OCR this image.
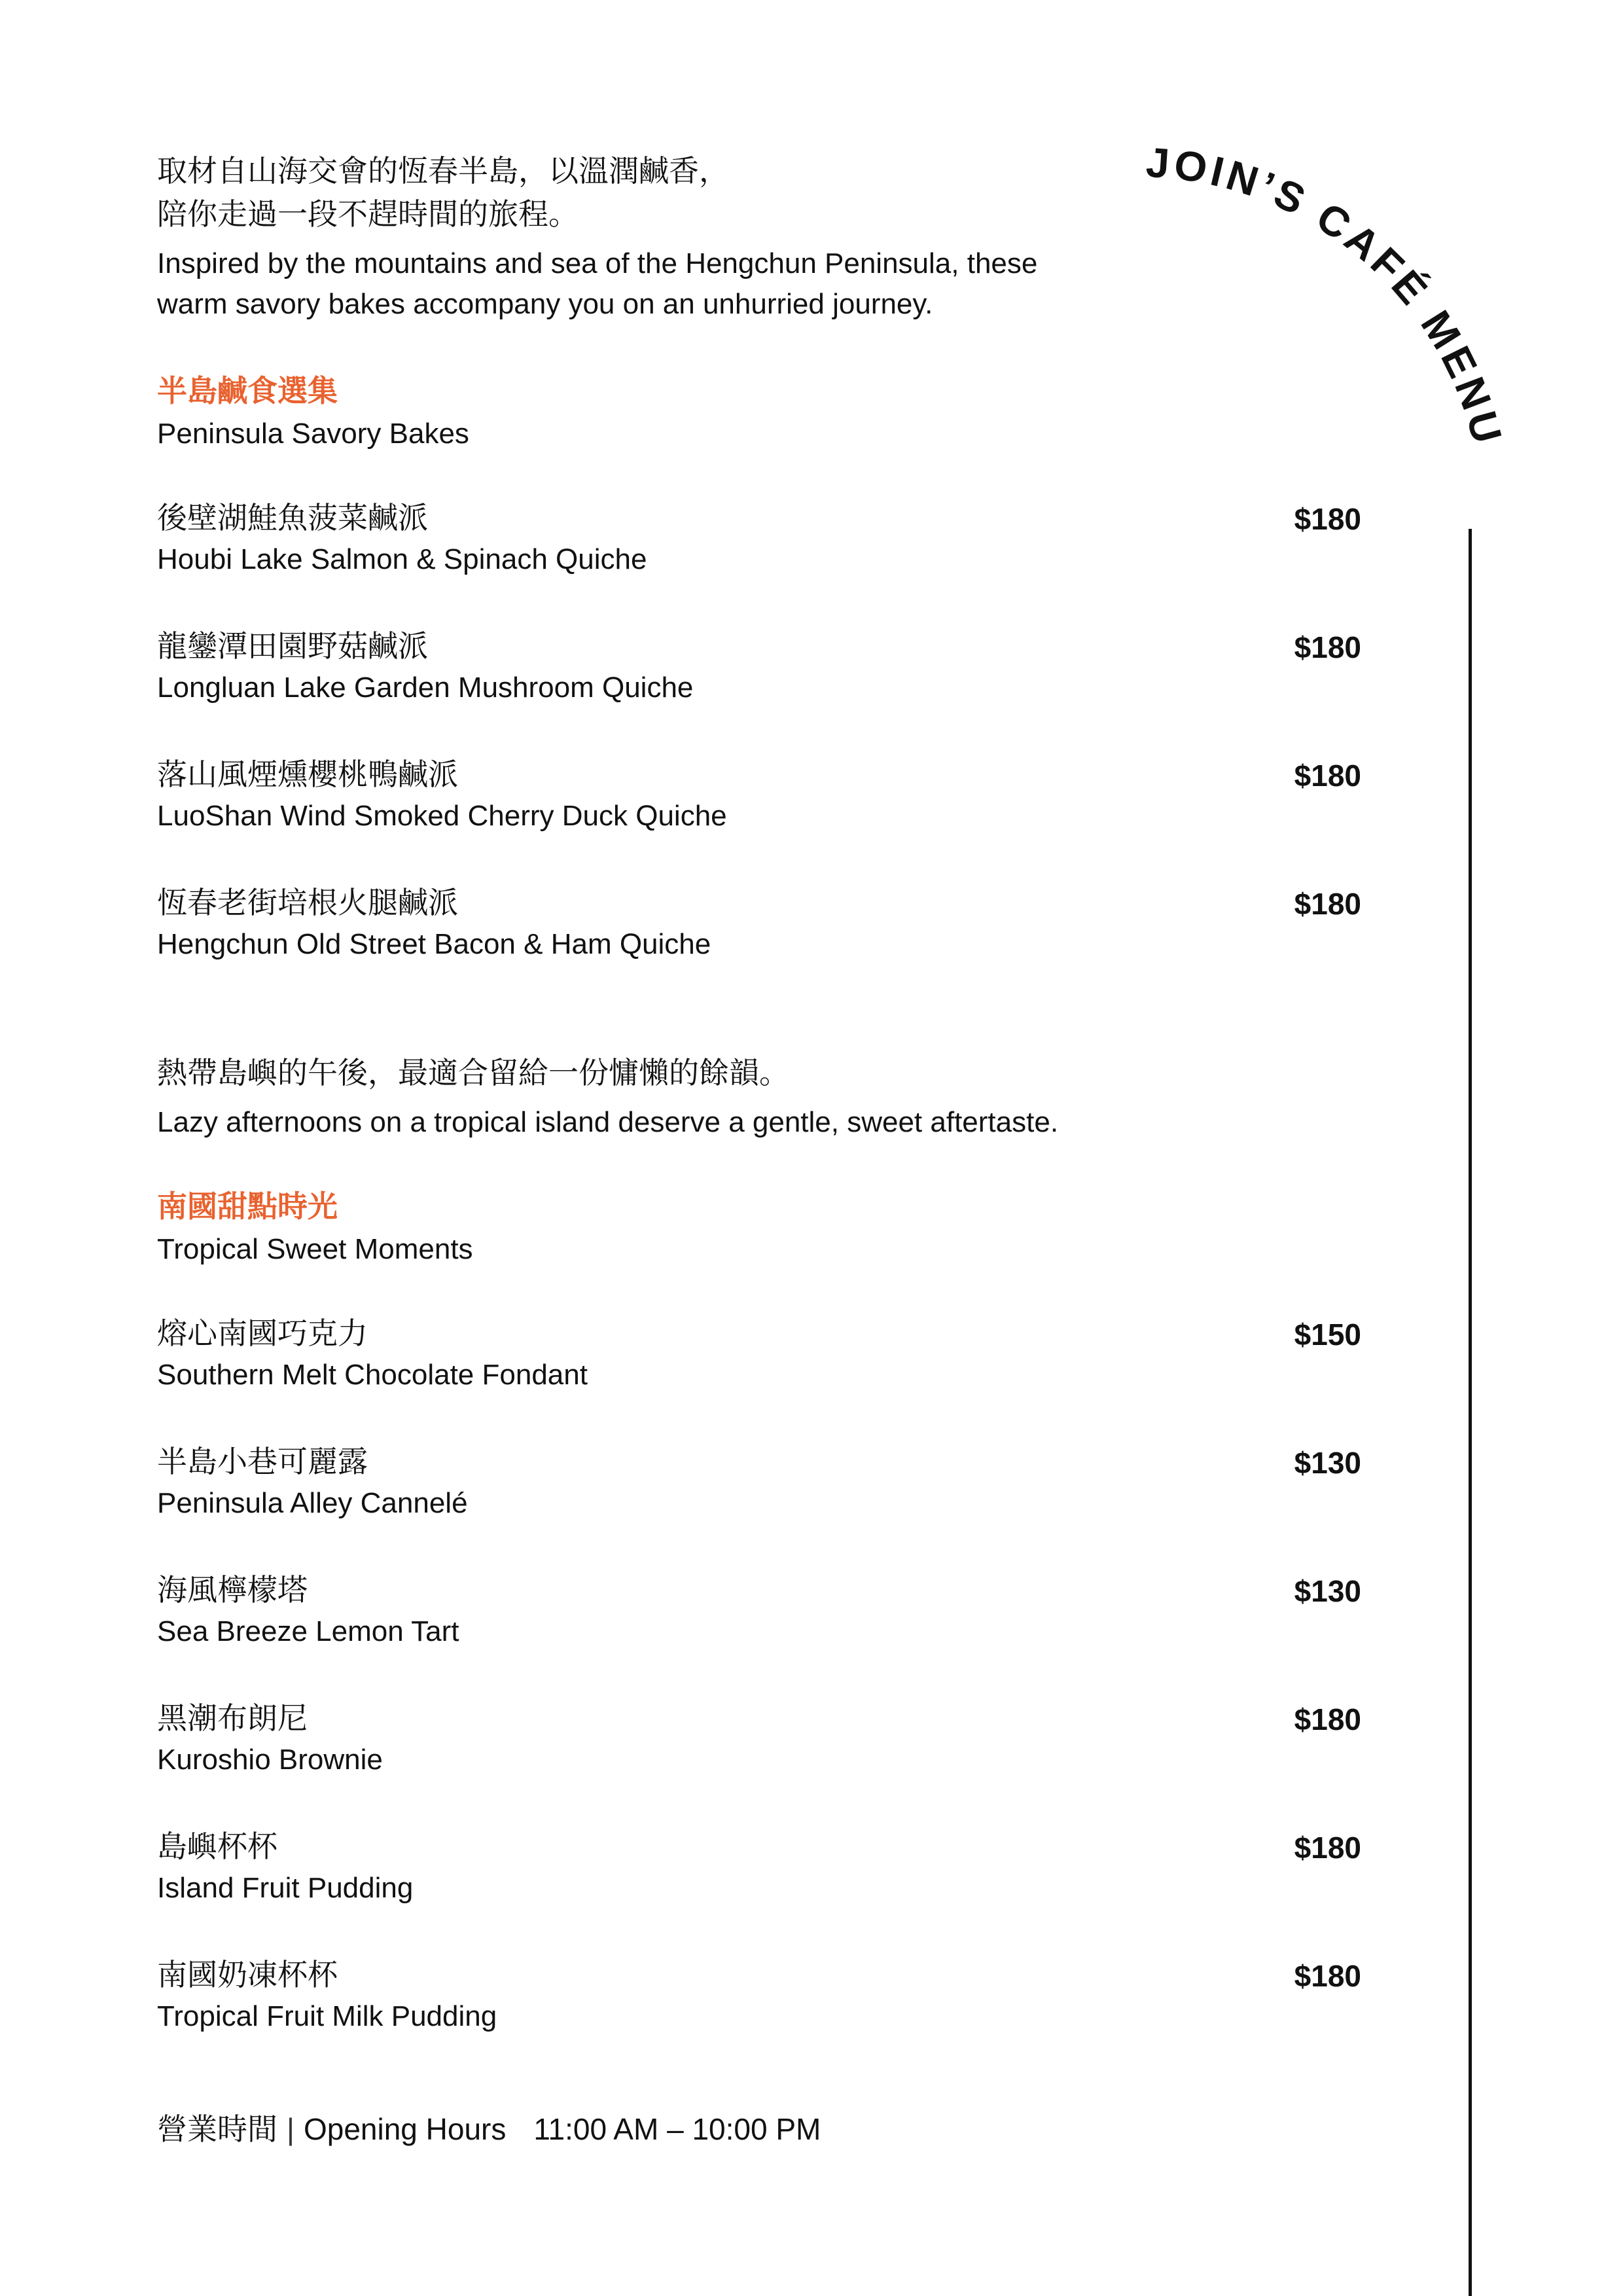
JOIN’S CAFÉ MENU
取材自山海交會的恆春半島，以溫潤鹹香，
陪你走過一段不趕時間的旅程。
Inspired by the mountains and sea of the Hengchun Peninsula, these
warm savory bakes accompany you on an unhurried journey.
半島鹹食選集
Peninsula Savory Bakes
後壁湖鮭魚菠菜鹹派
Houbi Lake Salmon & Spinach Quiche
$180
龍鑾潭田園野菇鹹派
Longluan Lake Garden Mushroom Quiche
$180
落山風煙燻櫻桃鴨鹹派
LuoShan Wind Smoked Cherry Duck Quiche
$180
恆春老街培根火腿鹹派
Hengchun Old Street Bacon & Ham Quiche
$180
熱帶島嶼的午後，最適合留給一份慵懶的餘韻。
Lazy afternoons on a tropical island deserve a gentle, sweet aftertaste.
南國甜點時光
Tropical Sweet Moments
熔心南國巧克力
Southern Melt Chocolate Fondant
$150
半島小巷可麗露
Peninsula Alley Cannelé
$130
海風檸檬塔
Sea Breeze Lemon Tart
$130
黑潮布朗尼
Kuroshio Brownie
$180
島嶼杯杯
Island Fruit Pudding
$180
南國奶凍杯杯
Tropical Fruit Milk Pudding
$180
營業時間 | Opening Hours 11:00 AM – 10:00 PM
